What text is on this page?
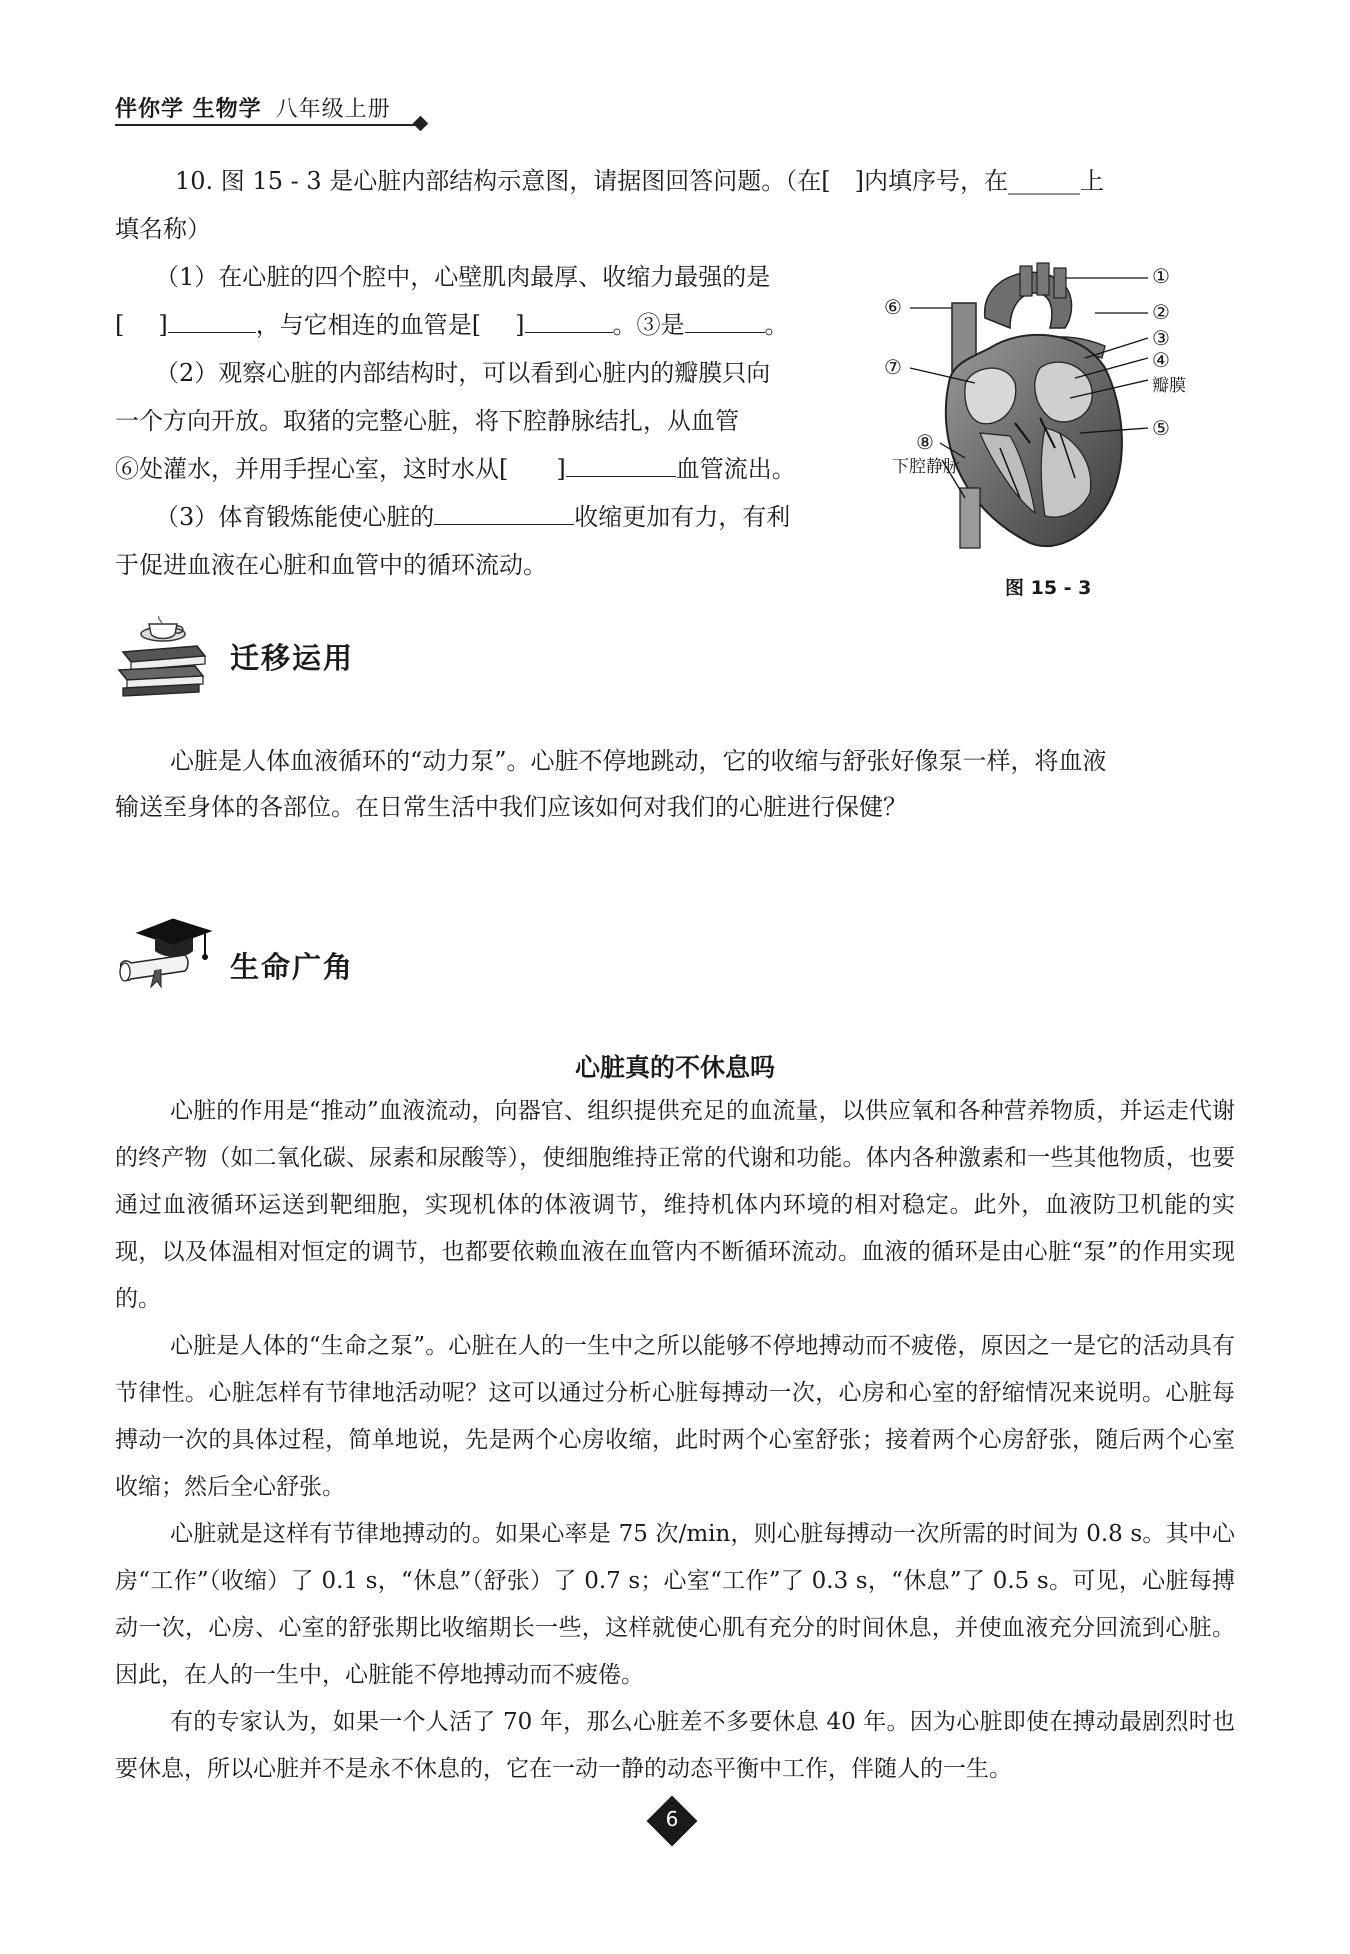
伴你学 生物学 八年级上册
10. 图 15 - 3 是心脏内部结构示意图，请据图回答问题。（在[　]内填序号，在______上
填名称）
（1）在心脏的四个腔中，心壁肌肉最厚、收缩力最强的是
[ ]	，与它相连的血管是[ ]	。③是	。
（2）观察心脏的内部结构时，可以看到心脏内的瓣膜只向
一个方向开放。取猪的完整心脏，将下腔静脉结扎，从血管
⑥处灌水，并用手捏心室，这时水从[ ]	血管流出。
（3）体育锻炼能使心脏的	收缩更加有力，有利
于促进血液在心脏和血管中的循环流动。
①
②
③
④
瓣膜
⑤
⑥
⑦
⑧
下腔静脉
图 15 - 3
迁移运用
心脏是人体血液循环的“动力泵”。心脏不停地跳动，它的收缩与舒张好像泵一样，将血液
输送至身体的各部位。在日常生活中我们应该如何对我们的心脏进行保健？
生命广角
心脏真的不休息吗
心脏的作用是“推动”血液流动，向器官、组织提供充足的血流量，以供应氧和各种营养物质，并运走代谢的终产物（如二氧化碳、尿素和尿酸等），使细胞维持正常的代谢和功能。体内各种激素和一些其他物质，也要通过血液循环运送到靶细胞，实现机体的体液调节，维持机体内环境的相对稳定。此外，血液防卫机能的实现，以及体温相对恒定的调节，也都要依赖血液在血管内不断循环流动。血液的循环是由心脏“泵”的作用实现的。
心脏是人体的“生命之泵”。心脏在人的一生中之所以能够不停地搏动而不疲倦，原因之一是它的活动具有节律性。心脏怎样有节律地活动呢？这可以通过分析心脏每搏动一次，心房和心室的舒缩情况来说明。心脏每搏动一次的具体过程，简单地说，先是两个心房收缩，此时两个心室舒张；接着两个心房舒张，随后两个心室收缩；然后全心舒张。
心脏就是这样有节律地搏动的。如果心率是 75 次/min，则心脏每搏动一次所需的时间为 0.8 s。其中心房“工作”（收缩）了 0.1 s，“休息”（舒张）了 0.7 s；心室“工作”了 0.3 s，“休息”了 0.5 s。可见，心脏每搏动一次，心房、心室的舒张期比收缩期长一些，这样就使心肌有充分的时间休息，并使血液充分回流到心脏。因此，在人的一生中，心脏能不停地搏动而不疲倦。
有的专家认为，如果一个人活了 70 年，那么心脏差不多要休息 40 年。因为心脏即使在搏动最剧烈时也要休息，所以心脏并不是永不休息的，它在一动一静的动态平衡中工作，伴随人的一生。
6
